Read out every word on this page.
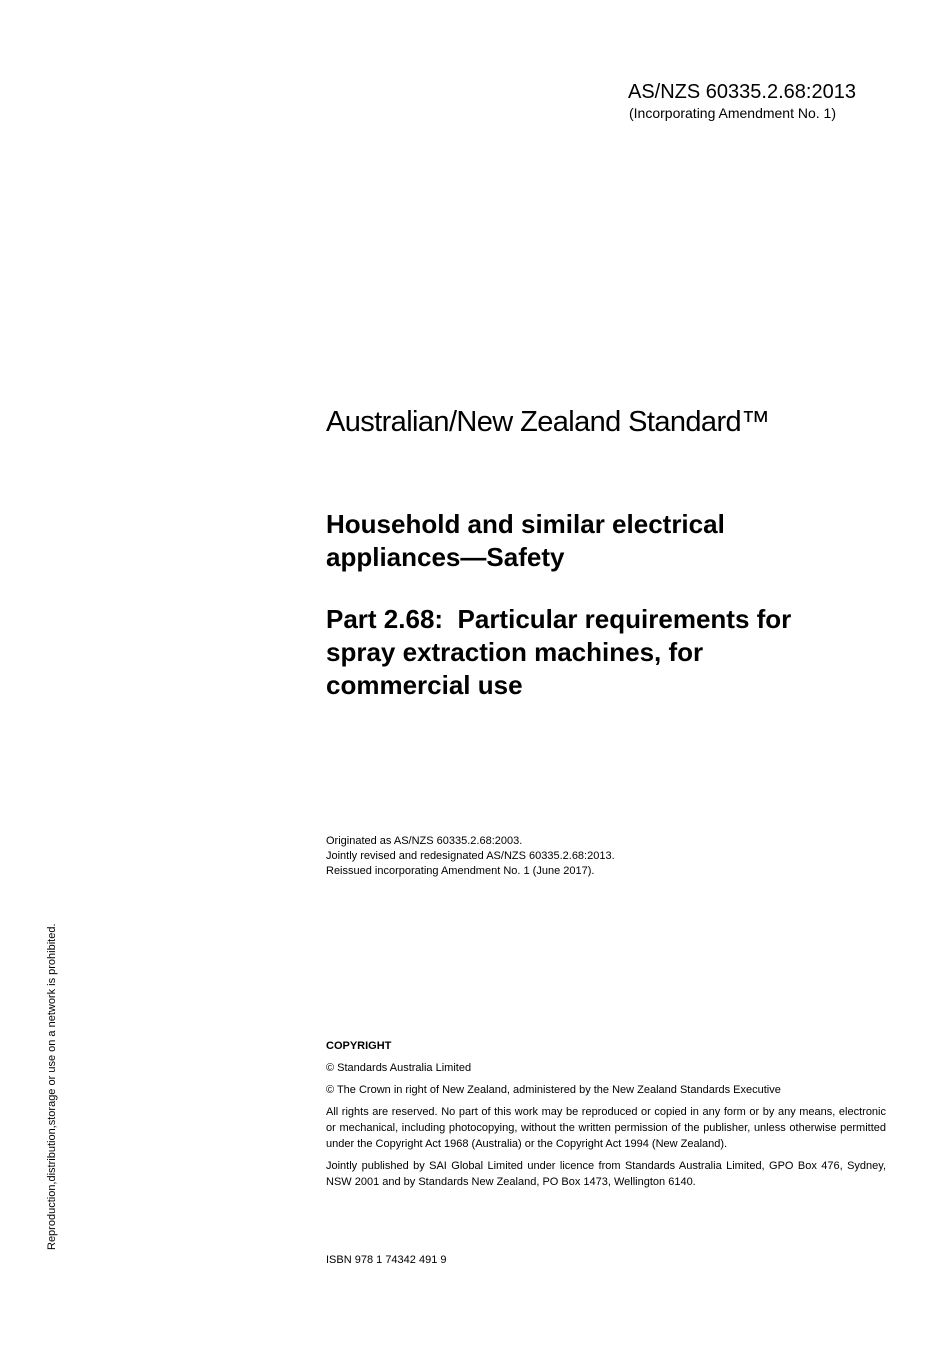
AS/NZS 60335.2.68:2013
(Incorporating Amendment No. 1)
Australian/New Zealand Standard™
Household and similar electrical
appliances—Safety
Part 2.68:  Particular requirements for
spray extraction machines, for
commercial use
Originated as AS/NZS 60335.2.68:2003.
Jointly revised and redesignated AS/NZS 60335.2.68:2013.
Reissued incorporating Amendment No. 1 (June 2017).
COPYRIGHT
© Standards Australia Limited
© The Crown in right of New Zealand, administered by the New Zealand Standards Executive
All rights are reserved. No part of this work may be reproduced or copied in any form or by any means, electronic or mechanical, including photocopying, without the written permission of the publisher, unless otherwise permitted under the Copyright Act 1968 (Australia) or the Copyright Act 1994 (New Zealand).
Jointly published by SAI Global Limited under licence from Standards Australia Limited, GPO Box 476, Sydney, NSW 2001 and by Standards New Zealand, PO Box 1473, Wellington 6140.
ISBN 978 1 74342 491 9
Reproduction,distribution,storage or use on a network is prohibited.
